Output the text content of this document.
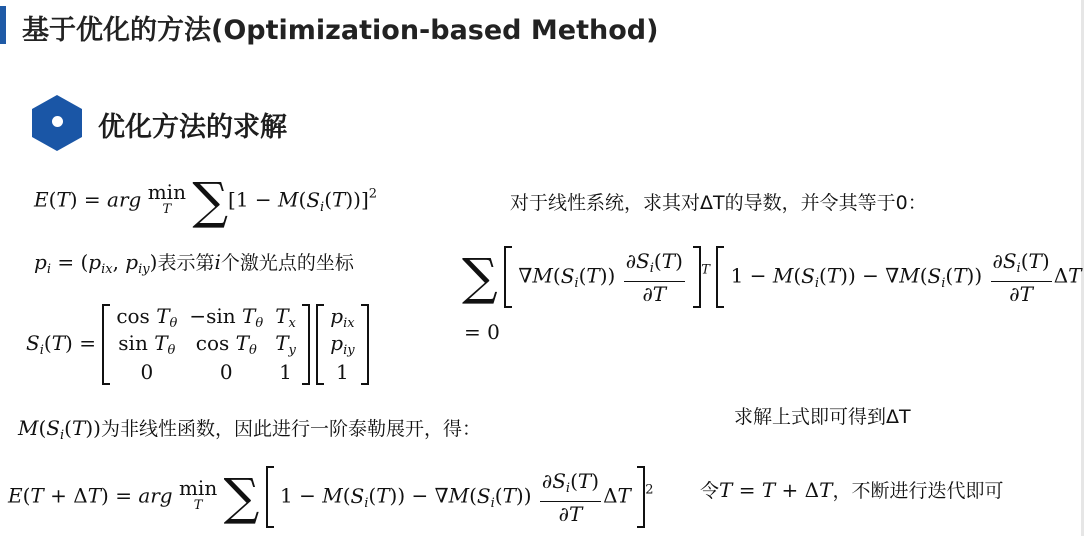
基于优化的方法(Optimization-based Method)
优化方法的求解
E(T) = arg min
T $\sum[1 - M(S_i(T))]^2$	对于线性系统，求其对ΔT的导数，并令其等于0：
$p_i = (p_{ix}$, $p_{iy}$)表示第i个激光点的坐标 ∑  $\nabla M(S_i(T)) \frac{\partial S_i(T)}{\partial T} ^T$  $1 - M(S_i(T)) - \nabla M(S_i(T)) \frac{\partial S_i(T)}{\partial T}$ ΔT
= 0
$S_i(T)$ =
$\cos T_\theta$	−sin $T_\theta$	$T_x$
$\sin T_\theta$	$\cos T_\theta$	$T_y$
0	0	1

$p_{ix}$
$p_{iy}$
1
求解上式即可得到ΔT
$M(S_i(T))$为非线性函数，因此进行一阶泰勒展开，得：
E(T + ΔT) = arg min
T ∑  $1 - M(S_i(T)) - \nabla M(S_i(T)) \frac{\partial S_i(T)}{\partial T}$ ΔT $^2$ 令T = T + ΔT，不断进行迭代即可
